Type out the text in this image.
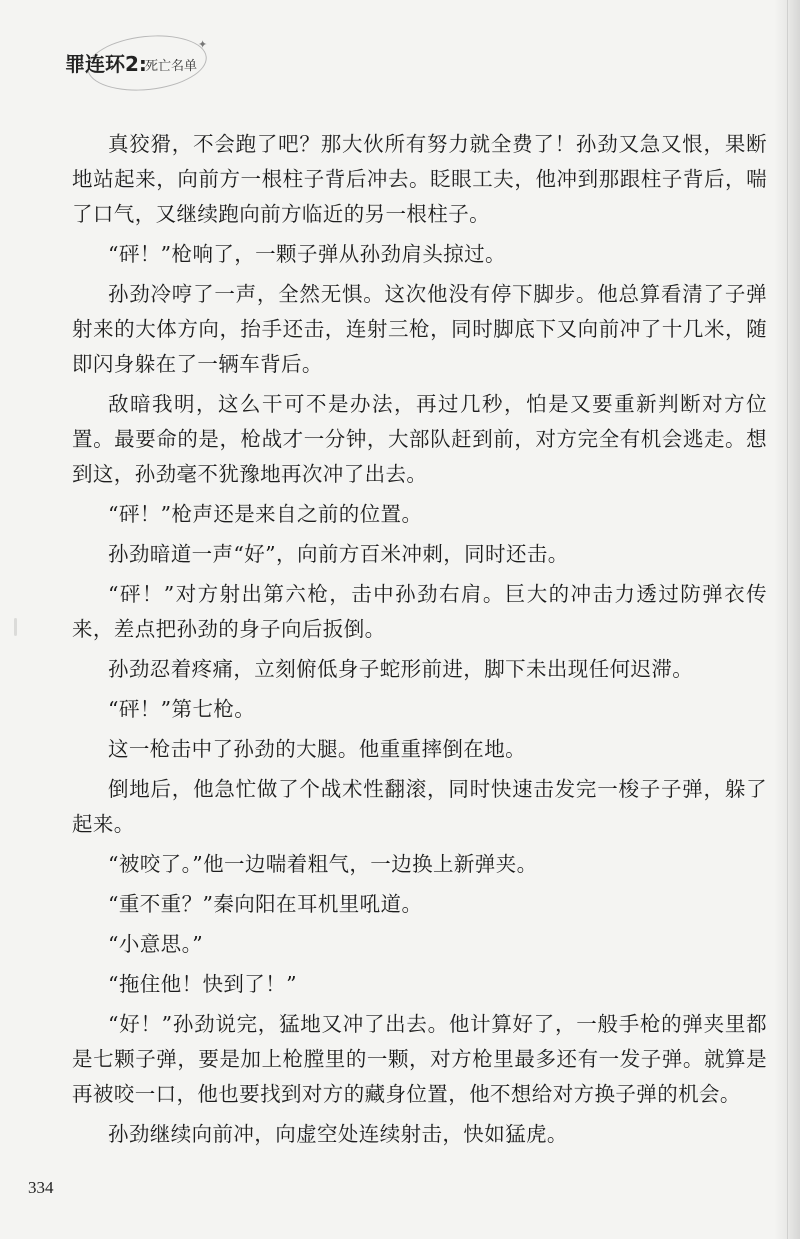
✦
罪连环2:
死亡名单

真狡猾，不会跑了吧？那大伙所有努力就全费了！孙劲又急又恨，果断地站起来，向前方一根柱子背后冲去。眨眼工夫，他冲到那跟柱子背后，喘了口气，又继续跑向前方临近的另一根柱子。

“砰！”枪响了，一颗子弹从孙劲肩头掠过。

孙劲冷哼了一声，全然无惧。这次他没有停下脚步。他总算看清了子弹射来的大体方向，抬手还击，连射三枪，同时脚底下又向前冲了十几米，随即闪身躲在了一辆车背后。

敌暗我明，这么干可不是办法，再过几秒，怕是又要重新判断对方位置。最要命的是，枪战才一分钟，大部队赶到前，对方完全有机会逃走。想到这，孙劲毫不犹豫地再次冲了出去。

“砰！”枪声还是来自之前的位置。

孙劲暗道一声“好”，向前方百米冲刺，同时还击。

“砰！”对方射出第六枪，击中孙劲右肩。巨大的冲击力透过防弹衣传来，差点把孙劲的身子向后扳倒。

孙劲忍着疼痛，立刻俯低身子蛇形前进，脚下未出现任何迟滞。

“砰！”第七枪。

这一枪击中了孙劲的大腿。他重重摔倒在地。

倒地后，他急忙做了个战术性翻滚，同时快速击发完一梭子子弹，躲了起来。

“被咬了。”他一边喘着粗气，一边换上新弹夹。

“重不重？”秦向阳在耳机里吼道。

“小意思。”

“拖住他！快到了！”

“好！”孙劲说完，猛地又冲了出去。他计算好了，一般手枪的弹夹里都是七颗子弹，要是加上枪膛里的一颗，对方枪里最多还有一发子弹。就算是再被咬一口，他也要找到对方的藏身位置，他不想给对方换子弹的机会。

孙劲继续向前冲，向虚空处连续射击，快如猛虎。

334
